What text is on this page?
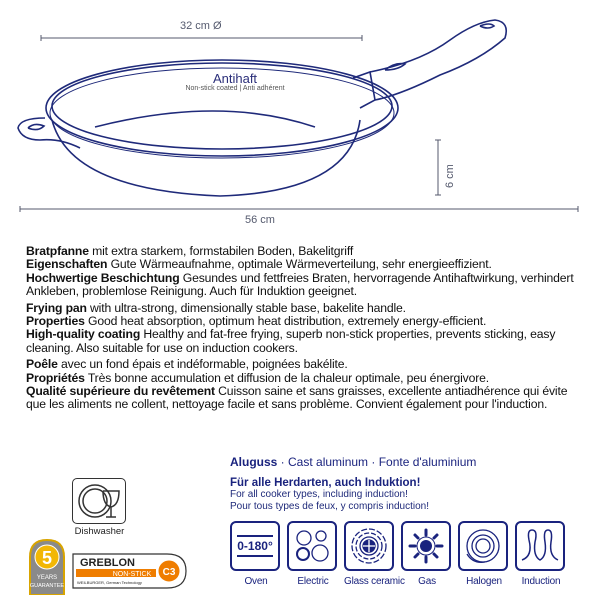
32 cm Ø
56 cm
6 cm
Antihaft
Non-stick coated | Anti adhérent

Bratpfanne mit extra starkem, formstabilen Boden, Bakelitgriff
Eigenschaften Gute Wärmeaufnahme, optimale Wärmeverteilung, sehr energieeffizient.
Hochwertige Beschichtung Gesundes und fettfreies Braten, hervorragende Antihaftwirkung, verhindert Ankleben, problemlose Reinigung. Auch für Induktion geeignet.

Frying pan with ultra-strong, dimensionally stable base, bakelite handle.
Properties Good heat absorption, optimum heat distribution, extremely energy-efficient.
High-quality coating Healthy and fat-free frying, superb non-stick properties, prevents sticking, easy cleaning. Also suitable for use on induction cookers.

Poêle avec un fond épais et indéformable, poignées bakélite.
Propriétés Très bonne accumulation et diffusion de la chaleur optimale, peu énergivore.
Qualité supérieure du revêtement Cuisson saine et sans graisses, excellente antiadhérence qui évite que les aliments ne collent, nettoyage facile et sans problème. Convient également pour l'induction.

Aluguss · Cast aluminum · Fonte d'aluminium
Für alle Herdarten, auch Induktion!
For all cooker types, including induction!
Pour tous types de feux, y compris induction!
0-180°
Oven	Electric	Glass ceramic	Gas	Halogen	Induction
Dishwasher
5
YEARS
GUARANTEE
GREBLON
NON-STICK
WEILBURGER, German Technology
C3
